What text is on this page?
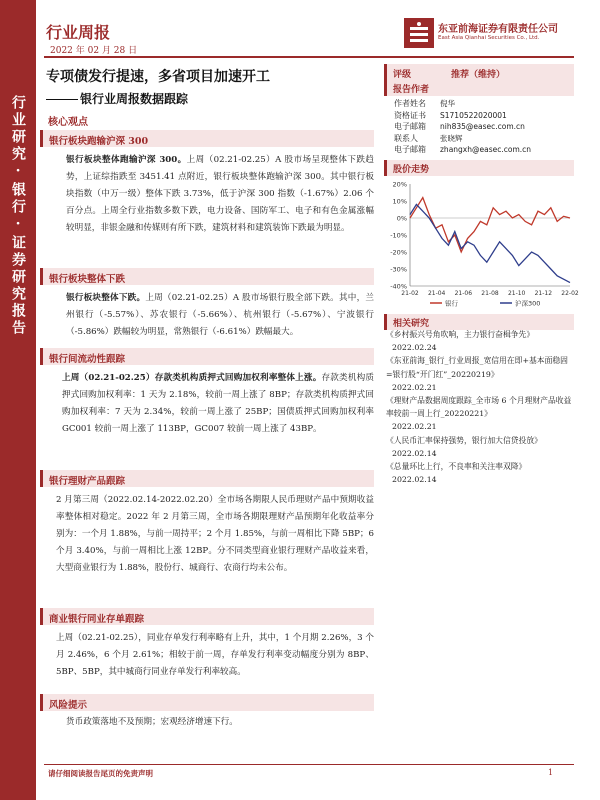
行业研究·银行·证券研究报告
行业周报
2022 年 02 月 28 日
东亚前海证券有限责任公司
East Asia Qianhai Securities Co., Ltd.
专项债发行提速，多省项目加速开工
银行业周报数据跟踪
核心观点
银行板块跑输沪深 300
银行板块整体跑输沪深 300。上周（02.21-02.25）A 股市场呈现整体下跌趋势，上证综指跌至 3451.41 点附近，银行板块整体跑输沪深 300。其中银行板块指数（中万一级）整体下跌 3.73%，低于沪深 300 指数（-1.67%）2.06 个百分点。上周全行业指数多数下跌，电力设备、国防军工、电子和有色金属涨幅较明显，非银金融和传媒则有所下跌，建筑材料和建筑装饰下跌最为明显。
银行板块整体下跌
银行板块整体下跌。上周（02.21-02.25）A 股市场银行股全部下跌。其中，兰州银行（-5.57%）、苏农银行（-5.66%）、杭州银行（-5.67%）、宁波银行（-5.86%）跌幅较为明显，常熟银行（-6.61%）跌幅最大。
银行间流动性跟踪
上周（02.21-02.25）存款类机构质押式回购加权利率整体上涨。存款类机构质押式回购加权利率：1 天为 2.18%，较前一周上涨了 8BP；存款类机构质押式回购加权利率：7 天为 2.34%，较前一周上涨了 25BP；国债质押式回购加权利率 GC001 较前一周上涨了 113BP，GC007 较前一周上涨了 43BP。
银行理财产品跟踪
2 月第三周（2022.02.14-2022.02.20）全市场各期限人民币理财产品中预期收益率整体相对稳定。2022 年 2 月第三周，全市场各期限理财产品预期年化收益率分别为：一个月 1.88%，与前一周持平；2 个月 1.85%，与前一周相比下降 5BP；6 个月 3.40%，与前一周相比上涨 12BP。分不同类型商业银行理财产品收益来看，大型商业银行为 1.88%，股份行、城商行、农商行均未公布。
商业银行同业存单跟踪
上周（02.21-02.25），同业存单发行利率略有上升，其中，1 个月期 2.26%，3 个月 2.46%，6 个月 2.61%；相较于前一周，存单发行利率变动幅度分别为 8BP、5BP、5BP，其中城商行同业存单发行利率较高。
风险提示
货币政策落地不及预期；宏观经济增速下行。
评级	推荐（维持）
报告作者
作者姓名	倪华
资格证书	S1710522020001
电子邮箱	nih835@easec.com.cn
联系人	张晓辉
电子邮箱	zhangxh@easec.com.cn
股价走势
20%
10%
0%
-10%
-20%
-30%
-40%
21-02 21-04 21-06 21-08 21-10 21-12 22-02
银行	沪深300
相关研究
《乡村振兴号角吹响，主力银行奋楫争先》
2022.02.24
《东亚前海_银行_行业周报_宽信用在即+基本面稳固=银行股“开门红”_20220219》
2022.02.21
《理财产品数据周度跟踪_全市场 6 个月理财产品收益率较前一周上行_20220221》
2022.02.21
《人民币汇率保持强势，银行加大信贷投放》
2022.02.14
《总量环比上行，不良率和关注率双降》
2022.02.14
请仔细阅读报告尾页的免责声明	1
